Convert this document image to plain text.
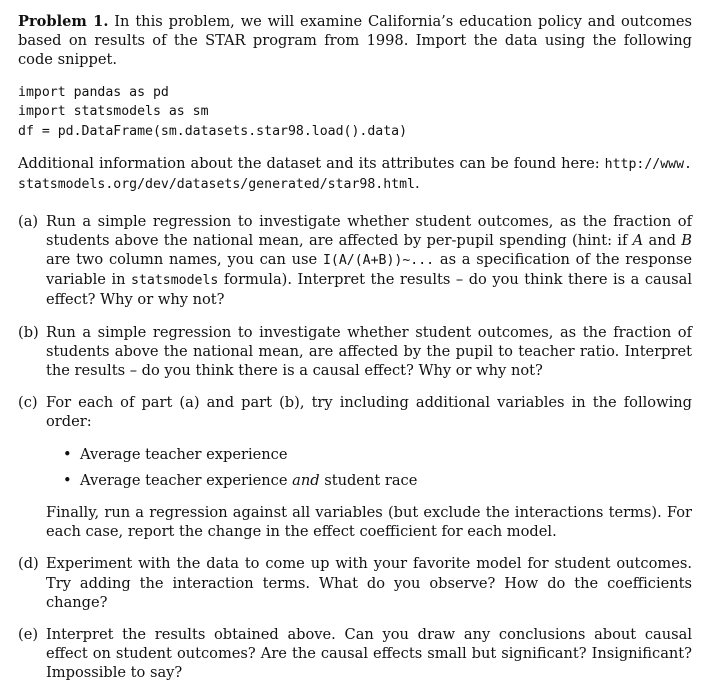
Problem 1. In this problem, we will examine California’s education policy and outcomes based on results of the STAR program from 1998. Import the data using the following code snippet.

import pandas as pd
import statsmodels as sm
df = pd.DataFrame(sm.datasets.star98.load().data)

Additional information about the dataset and its attributes can be found here: http://www.statsmodels.org/dev/datasets/generated/star98.html.

(a) Run a simple regression to investigate whether student outcomes, as the fraction of students above the national mean, are affected by per-pupil spending (hint: if A and B are two column names, you can use I(A/(A+B))~... as a specification of the response variable in statsmodels formula). Interpret the results – do you think there is a causal effect? Why or why not?

(b) Run a simple regression to investigate whether student outcomes, as the fraction of students above the national mean, are affected by the pupil to teacher ratio. Interpret the results – do you think there is a causal effect? Why or why not?

(c) For each of part (a) and part (b), try including additional variables in the following order:

• Average teacher experience
• Average teacher experience and student race

Finally, run a regression against all variables (but exclude the interactions terms). For each case, report the change in the effect coefficient for each model.

(d) Experiment with the data to come up with your favorite model for student outcomes. Try adding the interaction terms. What do you observe? How do the coefficients change?

(e) Interpret the results obtained above. Can you draw any conclusions about causal effect on student outcomes? Are the causal effects small but significant? Insignificant? Impossible to say?
